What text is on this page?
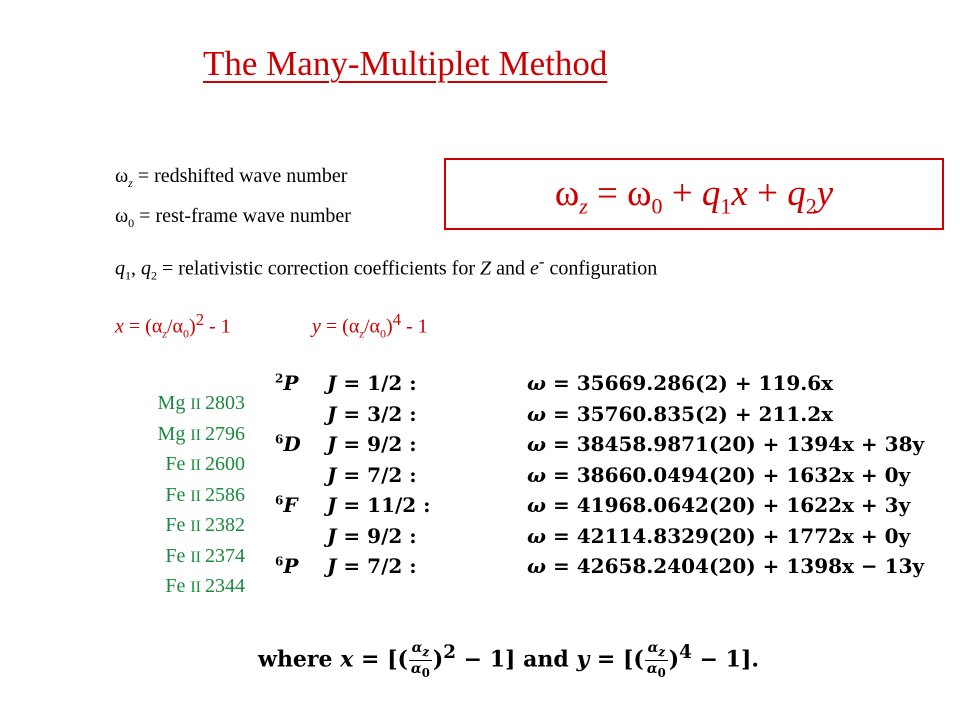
The Many-Multiplet Method
$\omega_z$ = redshifted wave number
$\omega_0$ = rest-frame wave number
$\omega_z = \omega_0 + q_1x + q_2y$
$q_1$, $q_2$ = relativistic correction coefficients for Z and e- configuration
$x = (\alpha_z/\alpha_0)^2 - 1$	$y = (\alpha_z/\alpha_0)^4 - 1$
Mg II 2803
Mg II 2796
Fe II 2600
Fe II 2586
Fe II 2382
Fe II 2374
Fe II 2344
$^2$P	J = 1/2 :	ω = 35669.286(2) + 119.6x
	J = 3/2 :	ω = 35760.835(2) + 211.2x
$^6$D	J = 9/2 :	ω = 38458.9871(20) + 1394x + 38y
	J = 7/2 :	ω = 38660.0494(20) + 1632x + 0y
$^6$F	J = 11/2 :	ω = 41968.0642(20) + 1622x + 3y
	J = 9/2 :	ω = 42114.8329(20) + 1772x + 0y
$^6$P	J = 7/2 :	ω = 42658.2404(20) + 1398x − 13y
where x = [( $\frac{\alpha_z}{\alpha_0} )^2 - 1$] and y = [( $\frac{\alpha_z}{\alpha_0} )^4 - 1$].
